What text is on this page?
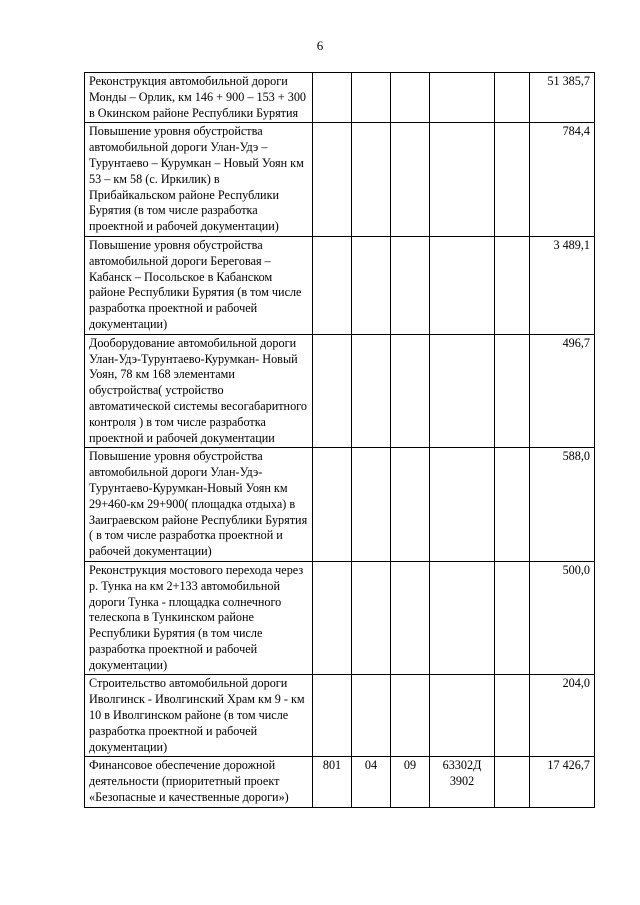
6
Реконструкция автомобильной дороги Монды – Орлик, км 146 + 900 – 153 + 300 в Окинском районе Республики Бурятия						51 385,7
Повышение уровня обустройства автомобильной дороги Улан-Удэ – Турунтаево – Курумкан – Новый Уоян км 53 – км 58 (с. Иркилик) в Прибайкальском районе Республики Бурятия (в том числе разработка проектной и рабочей документации)						784,4
Повышение уровня обустройства автомобильной дороги Береговая – Кабанск – Посольское в Кабанском районе Республики Бурятия (в том числе разработка проектной и рабочей документации)						3 489,1
Дооборудование автомобильной дороги Улан-Удэ-Турунтаево-Курумкан- Новый Уоян, 78 км 168 элементами обустройства( устройство автоматической системы весогабаритного контроля ) в том числе разработка проектной и рабочей документации						496,7
Повышение уровня обустройства автомобильной дороги Улан-Удэ-Турунтаево-Курумкан-Новый Уоян км 29+460-км 29+900( площадка отдыха) в Заиграевском районе Республики Бурятия ( в том числе разработка проектной и рабочей документации)						588,0
Реконструкция мостового перехода через р. Тунка на км 2+133 автомобильной дороги Тунка - площадка солнечного телескопа в Тункинском районе Республики Бурятия (в том числе разработка проектной и рабочей документации)						500,0
Строительство автомобильной дороги Иволгинск - Иволгинский Храм км 9 - км 10 в Иволгинском районе (в том числе разработка проектной и рабочей документации)						204,0
Финансовое обеспечение дорожной деятельности (приоритетный проект «Безопасные и качественные дороги»)	801	04	09	63302Д 3902		17 426,7
